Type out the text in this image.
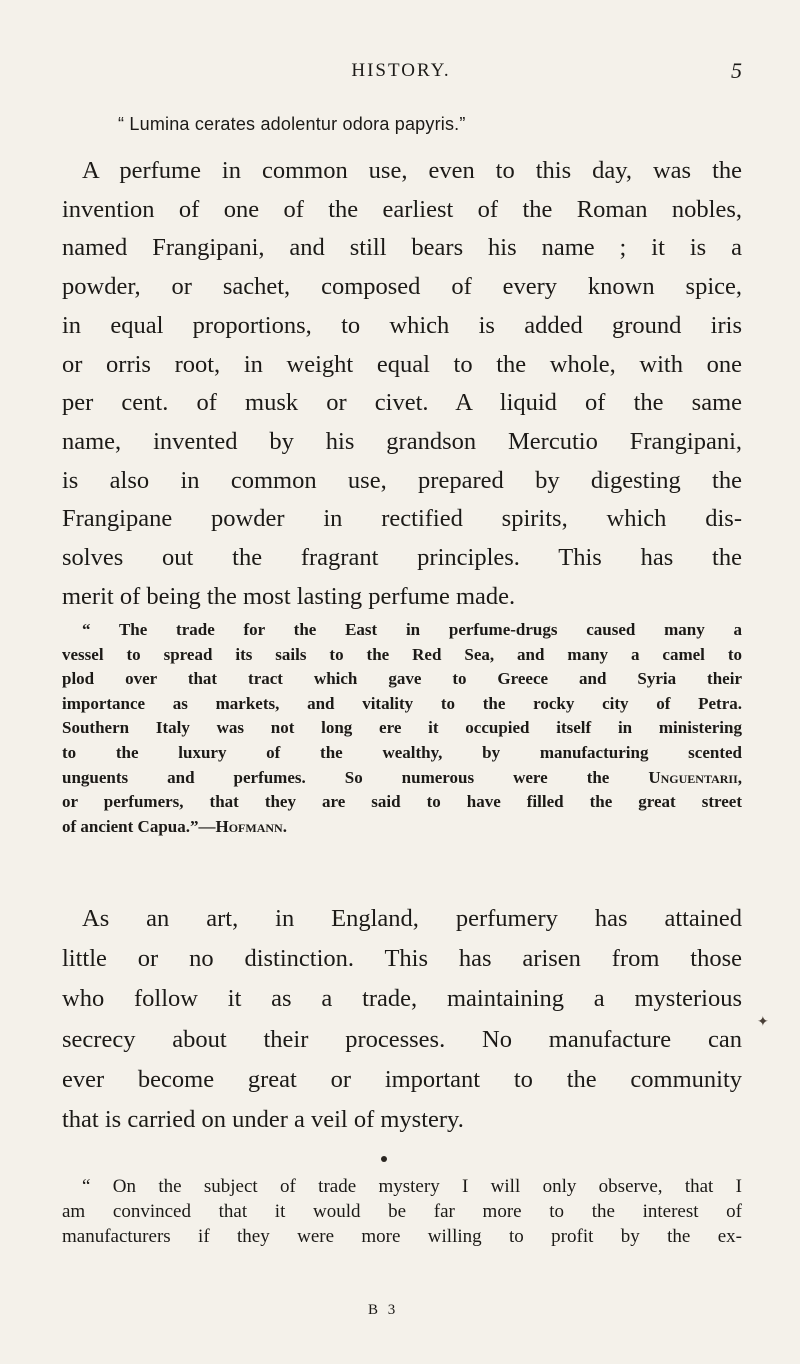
HISTORY.	5
“ Lumina cerates adolentur odora papyris.”
A perfume in common use, even to this day, was the
invention of one of the earliest of the Roman nobles,
named Frangipani, and still bears his name ; it is a
powder, or sachet, composed of every known spice,
in equal proportions, to which is added ground iris
or orris root, in weight equal to the whole, with one
per cent. of musk or civet. A liquid of the same
name, invented by his grandson Mercutio Frangipani,
is also in common use, prepared by digesting the
Frangipane powder in rectified spirits, which dis-
solves out the fragrant principles. This has the
merit of being the most lasting perfume made.
“ The trade for the East in perfume-drugs caused many a
vessel to spread its sails to the Red Sea, and many a camel to
plod over that tract which gave to Greece and Syria their
importance as markets, and vitality to the rocky city of Petra.
Southern Italy was not long ere it occupied itself in ministering
to the luxury of the wealthy, by manufacturing scented
unguents and perfumes. So numerous were the Unguentarii,
or perfumers, that they are said to have filled the great street
of ancient Capua.”—Hofmann.
As an art, in England, perfumery has attained
little or no distinction. This has arisen from those
who follow it as a trade, maintaining a mysterious
secrecy about their processes. No manufacture can
ever become great or important to the community
that is carried on under a veil of mystery.
“ On the subject of trade mystery I will only observe, that I
am convinced that it would be far more to the interest of
manufacturers if they were more willing to profit by the ex-
B 3
✦
